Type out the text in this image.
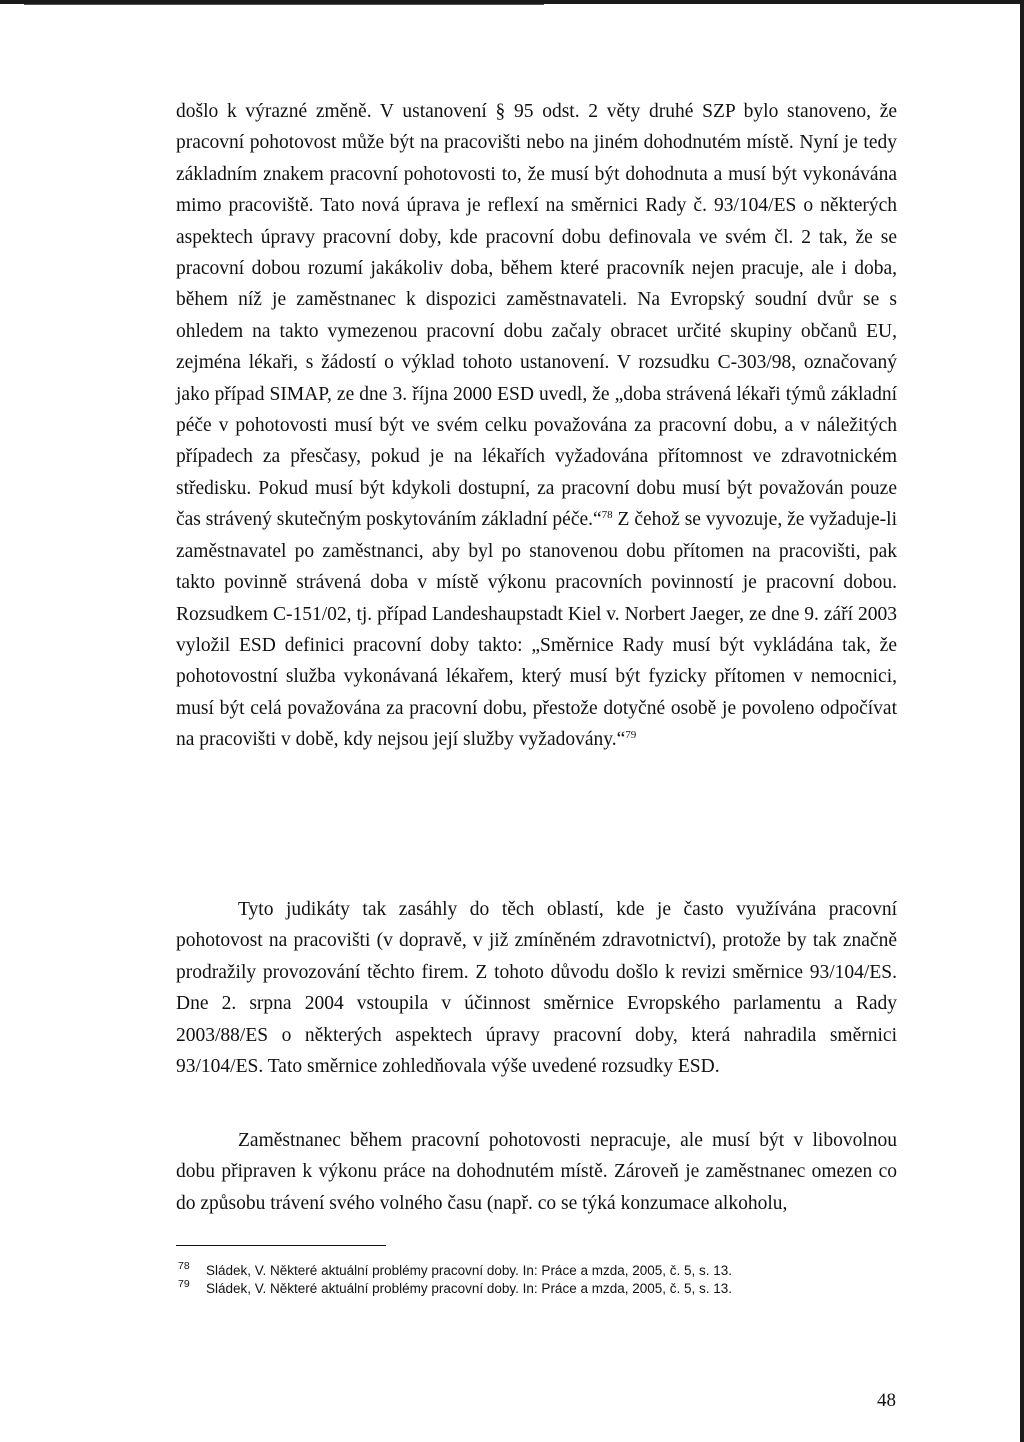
došlo k výrazné změně. V ustanovení § 95 odst. 2 věty druhé SZP bylo stanoveno, že pracovní pohotovost může být na pracovišti nebo na jiném dohodnutém místě. Nyní je tedy základním znakem pracovní pohotovosti to, že musí být dohodnuta a musí být vykonávána mimo pracoviště. Tato nová úprava je reflexí na směrnici Rady č. 93/104/ES o některých aspektech úpravy pracovní doby, kde pracovní dobu definovala ve svém čl. 2 tak, že se pracovní dobou rozumí jakákoliv doba, během které pracovník nejen pracuje, ale i doba, během níž je zaměstnanec k dispozici zaměstnavateli. Na Evropský soudní dvůr se s ohledem na takto vymezenou pracovní dobu začaly obracet určité skupiny občanů EU, zejména lékaři, s žádostí o výklad tohoto ustanovení. V rozsudku C-303/98, označovaný jako případ SIMAP, ze dne 3. října 2000 ESD uvedl, že „doba strávená lékaři týmů základní péče v pohotovosti musí být ve svém celku považována za pracovní dobu, a v náležitých případech za přesčasy, pokud je na lékařích vyžadována přítomnost ve zdravotnickém středisku. Pokud musí být kdykoli dostupní, za pracovní dobu musí být považován pouze čas strávený skutečným poskytováním základní péče.“$^{78}$ Z čehož se vyvozuje, že vyžaduje-li zaměstnavatel po zaměstnanci, aby byl po stanovenou dobu přítomen na pracovišti, pak takto povinně strávená doba v místě výkonu pracovních povinností je pracovní dobou. Rozsudkem C-151/02, tj. případ Landeshaupstadt Kiel v. Norbert Jaeger, ze dne 9. září 2003 vyložil ESD definici pracovní doby takto: „Směrnice Rady musí být vykládána tak, že pohotovostní služba vykonávaná lékařem, který musí být fyzicky přítomen v nemocnici, musí být celá považována za pracovní dobu, přestože dotyčné osobě je povoleno odpočívat na pracovišti v době, kdy nejsou její služby vyžadovány.“$^{79}$

Tyto judikáty tak zasáhly do těch oblastí, kde je často využívána pracovní pohotovost na pracovišti (v dopravě, v již zmíněném zdravotnictví), protože by tak značně prodražily provozování těchto firem. Z tohoto důvodu došlo k revizi směrnice 93/104/ES. Dne 2. srpna 2004 vstoupila v účinnost směrnice Evropského parlamentu a Rady 2003/88/ES o některých aspektech úpravy pracovní doby, která nahradila směrnici 93/104/ES. Tato směrnice zohledňovala výše uvedené rozsudky ESD.

Zaměstnanec během pracovní pohotovosti nepracuje, ale musí být v libovolnou dobu připraven k výkonu práce na dohodnutém místě. Zároveň je zaměstnanec omezen co do způsobu trávení svého volného času (např. co se týká konzumace alkoholu,

78 Sládek, V. Některé aktuální problémy pracovní doby. In: Práce a mzda, 2005, č. 5, s. 13.
79 Sládek, V. Některé aktuální problémy pracovní doby. In: Práce a mzda, 2005, č. 5, s. 13.
48
